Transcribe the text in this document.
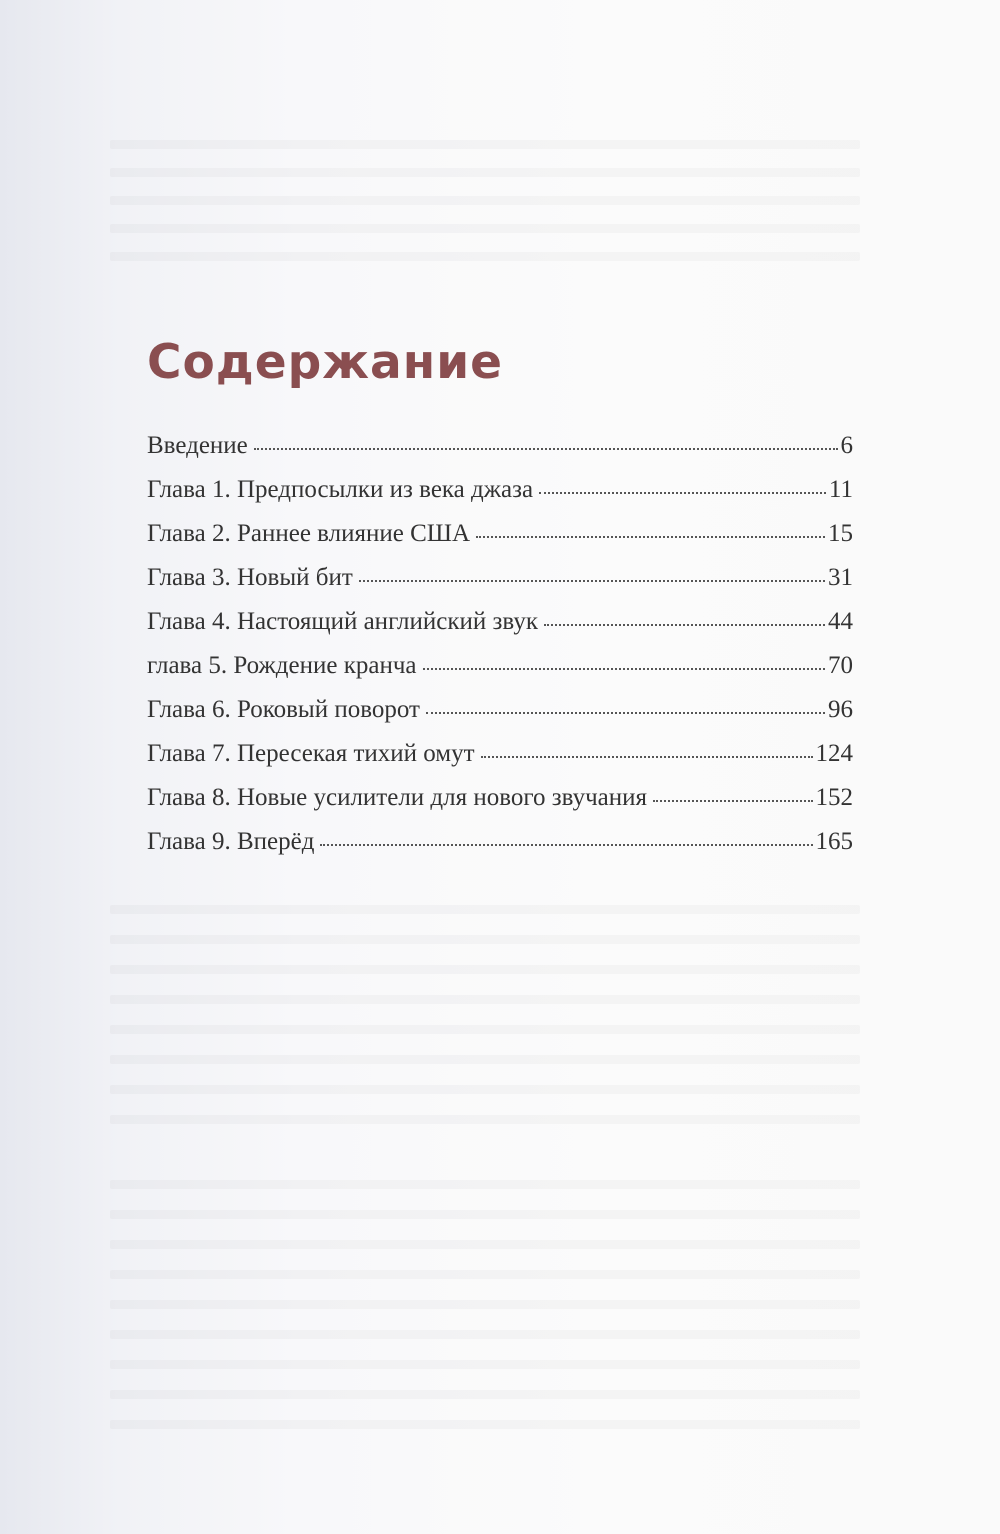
Содержание
Введение	6
Глава 1. Предпосылки из века джаза	11
Глава 2. Раннее влияние США	15
Глава 3. Новый бит	31
Глава 4. Настоящий английский звук	44
глава 5. Рождение кранча	70
Глава 6. Роковый поворот	96
Глава 7. Пересекая тихий омут	124
Глава 8. Новые усилители для нового звучания	152
Глава 9. Вперёд	165
